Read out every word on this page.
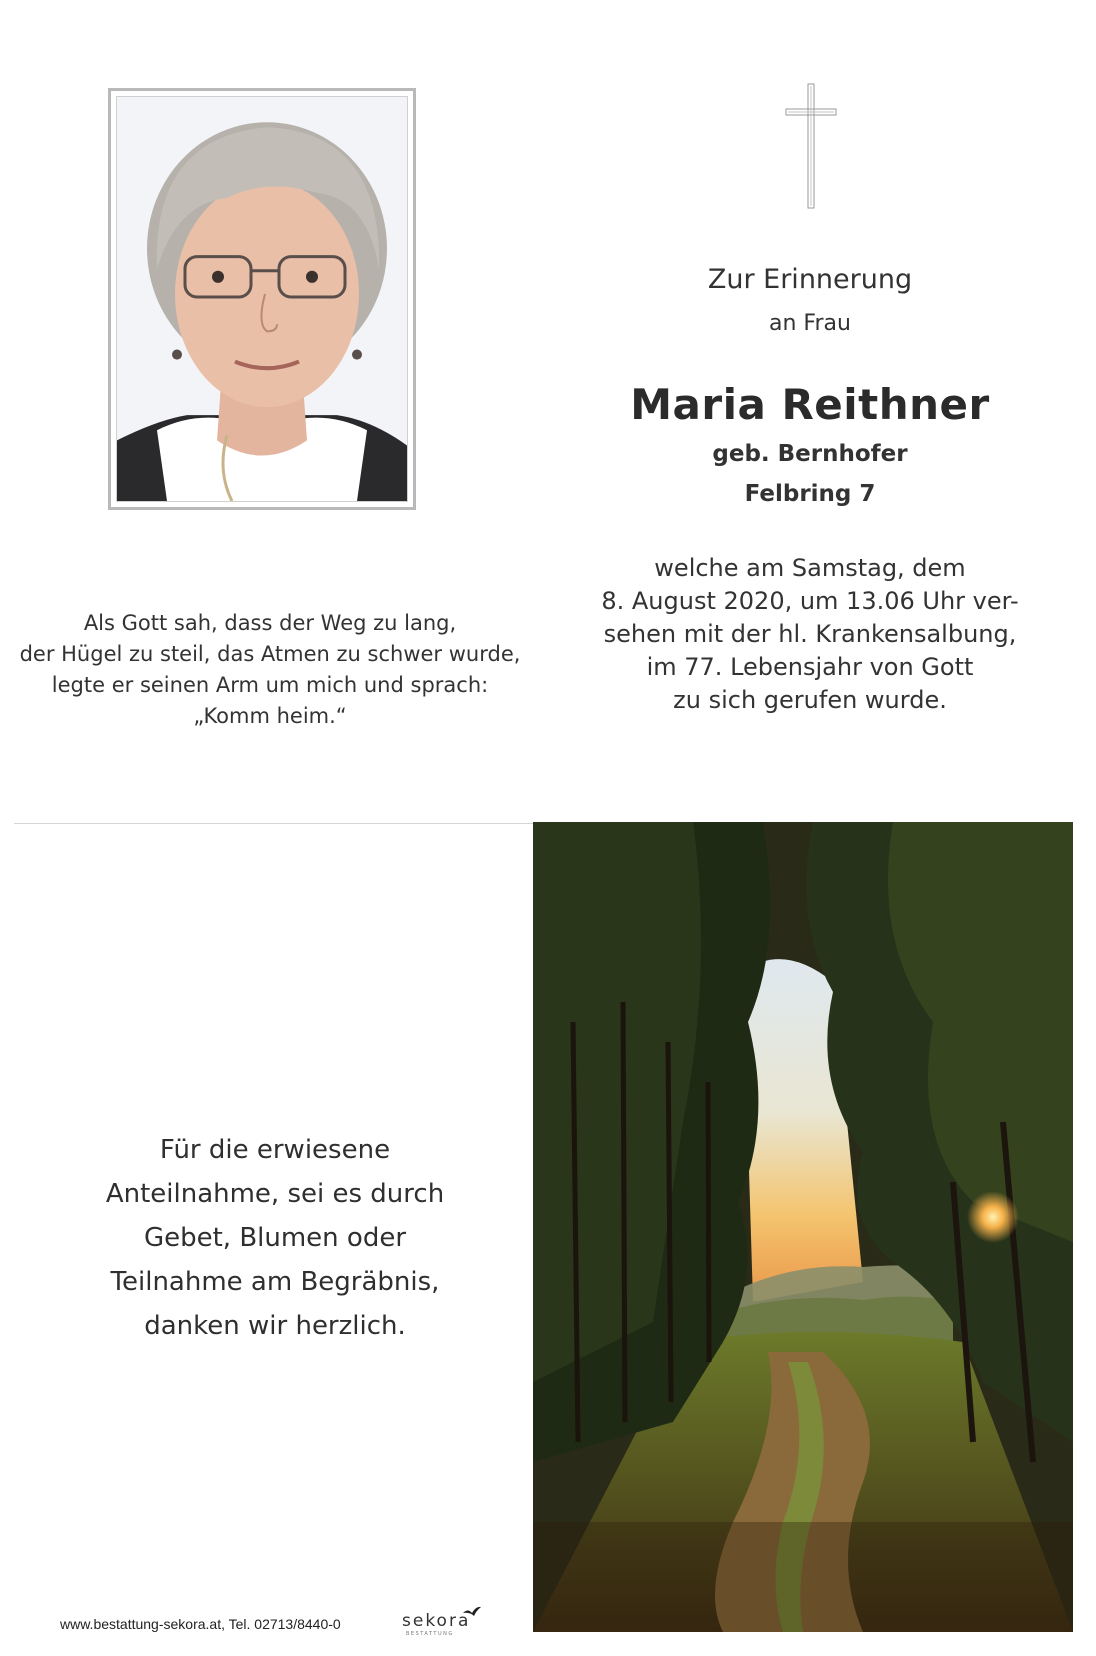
Als Gott sah, dass der Weg zu lang,
der Hügel zu steil, das Atmen zu schwer wurde,
legte er seinen Arm um mich und sprach:
„Komm heim.“
Zur Erinnerung
an Frau
Maria Reithner
geb. Bernhofer
Felbring 7
welche am Samstag, dem
8. August 2020, um 13.06 Uhr ver-
sehen mit der hl. Krankensalbung,
im 77. Lebensjahr von Gott
zu sich gerufen wurde.
Für die erwiesene
Anteilnahme, sei es durch
Gebet, Blumen oder
Teilnahme am Begräbnis,
danken wir herzlich.
www.bestattung-sekora.at, Tel. 02713/8440-0	sekora
BESTATTUNG
